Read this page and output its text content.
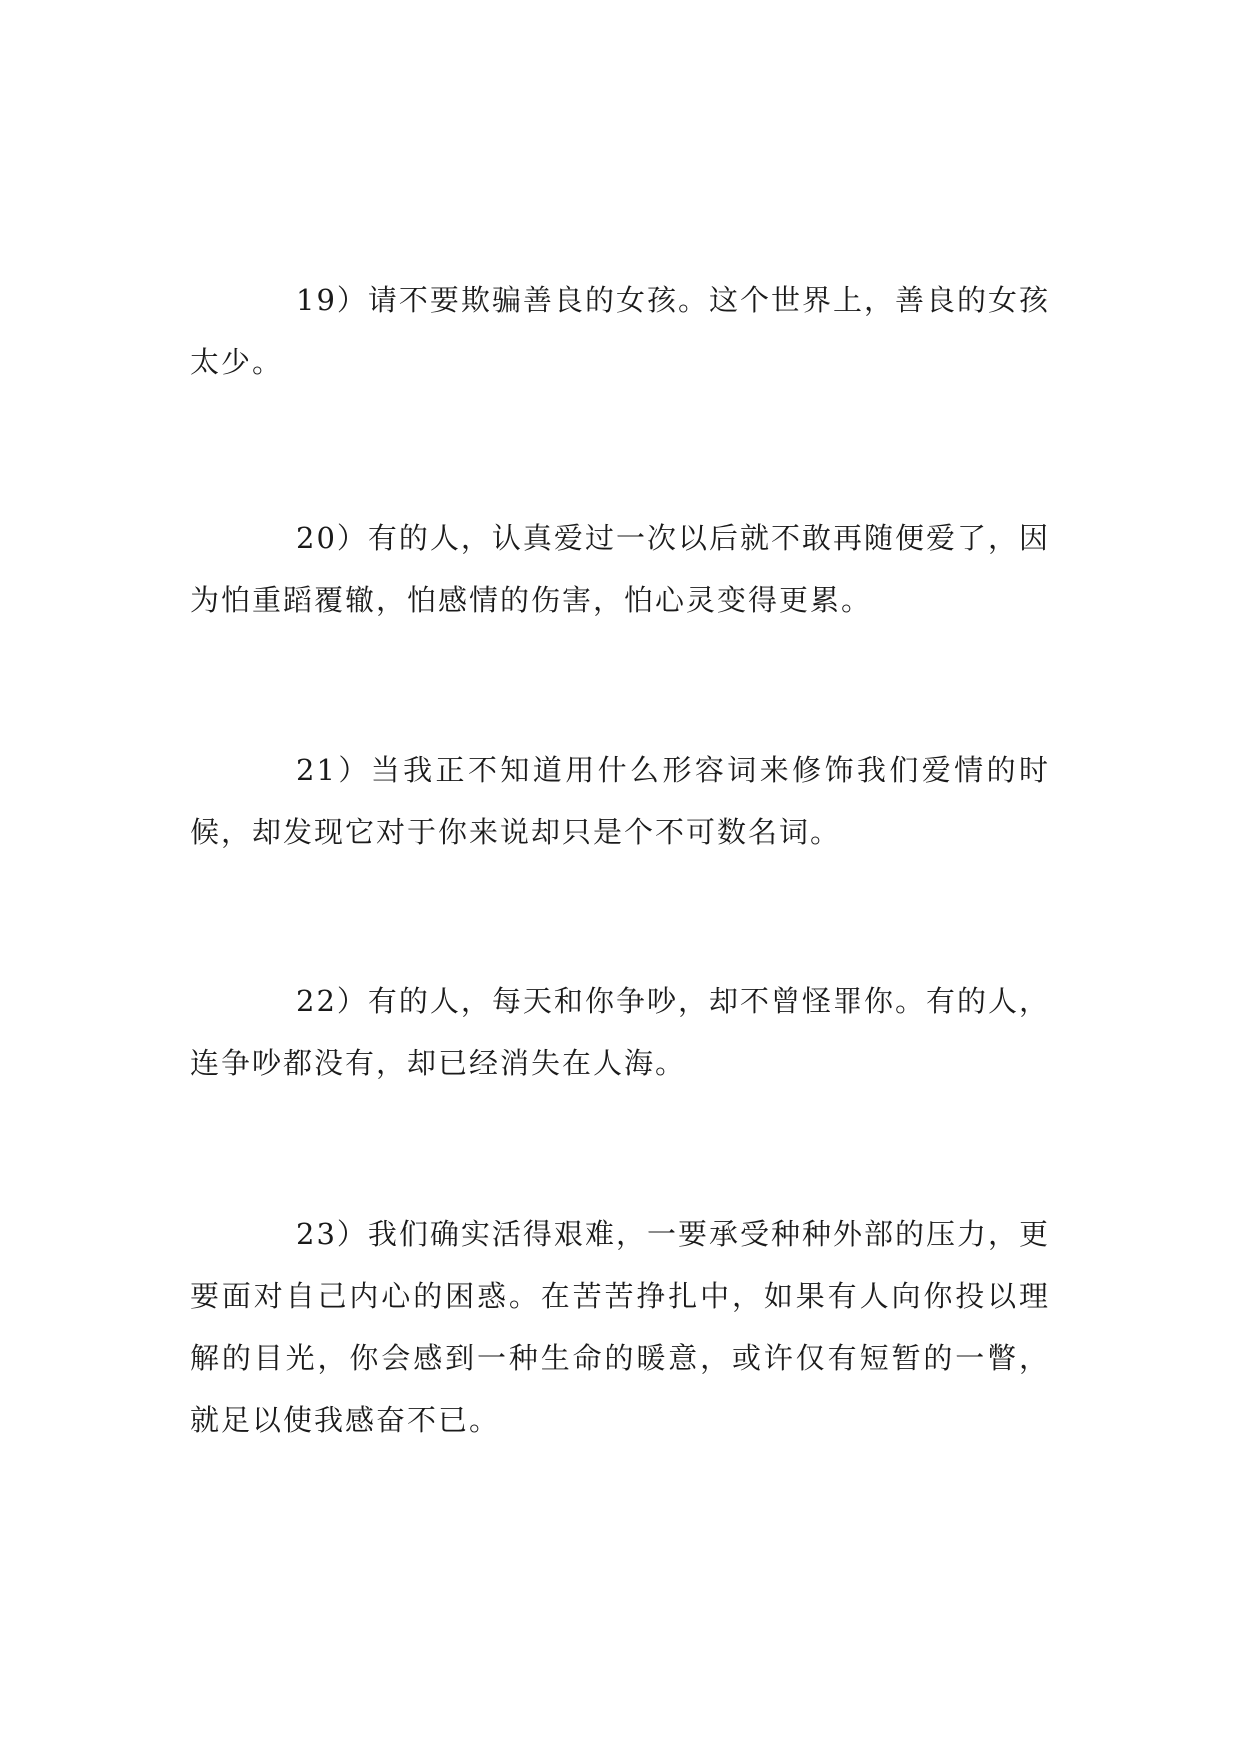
19）请不要欺骗善良的女孩。这个世界上，善良的女孩太少。

20）有的人，认真爱过一次以后就不敢再随便爱了，因为怕重蹈覆辙，怕感情的伤害，怕心灵变得更累。

21）当我正不知道用什么形容词来修饰我们爱情的时候，却发现它对于你来说却只是个不可数名词。

22）有的人，每天和你争吵，却不曾怪罪你。有的人，连争吵都没有，却已经消失在人海。

23）我们确实活得艰难，一要承受种种外部的压力，更要面对自己内心的困惑。在苦苦挣扎中，如果有人向你投以理解的目光，你会感到一种生命的暖意，或许仅有短暂的一瞥，就足以使我感奋不已。
